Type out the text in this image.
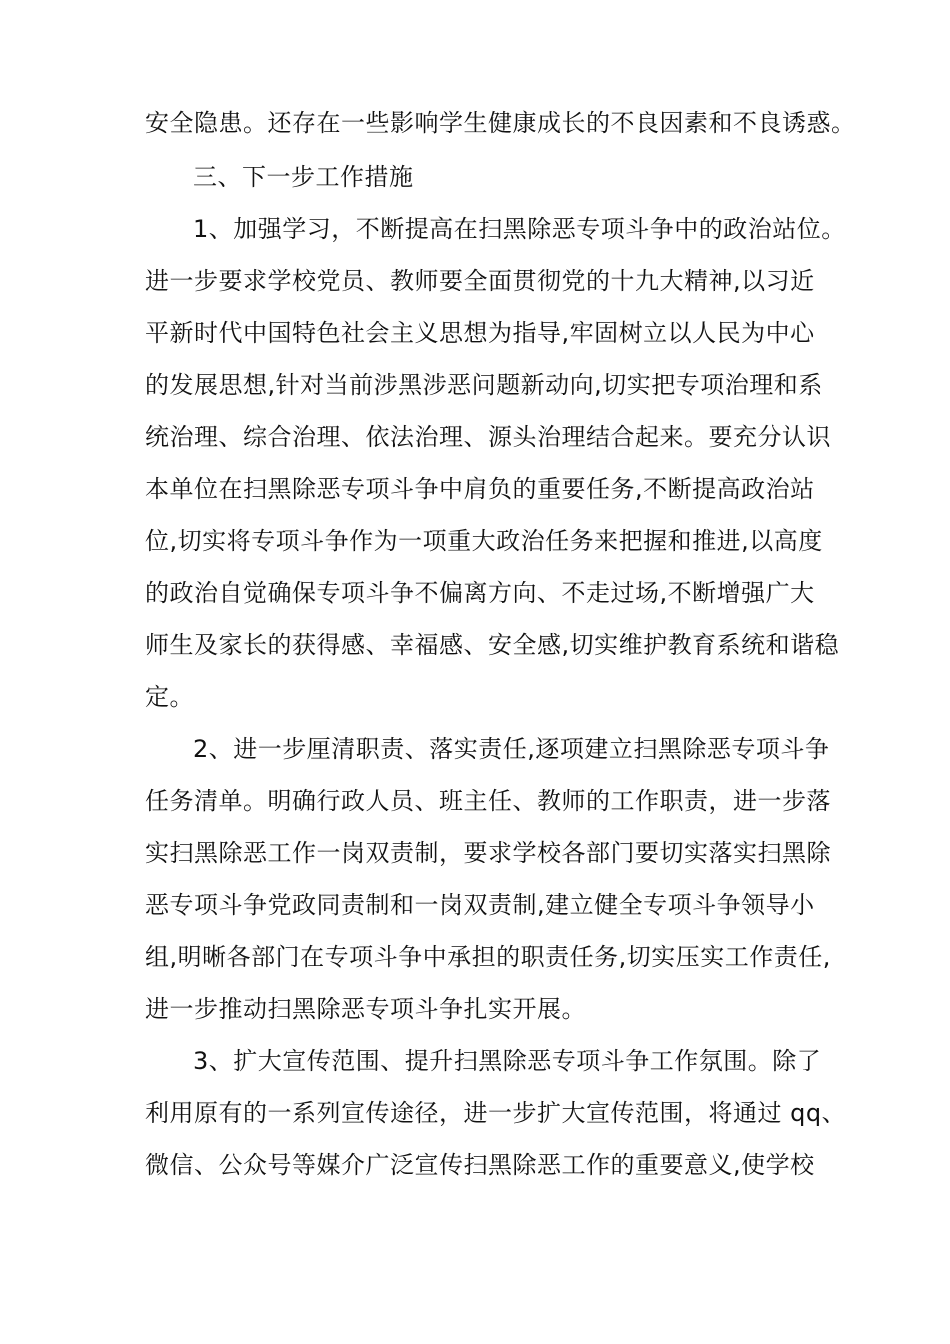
安全隐患。还存在一些影响学生健康成长的不良因素和不良诱惑。
三、下一步工作措施
1、加强学习，不断提高在扫黑除恶专项斗争中的政治站位。
进一步要求学校党员、教师要全面贯彻党的十九大精神,以习近
平新时代中国特色社会主义思想为指导,牢固树立以人民为中心
的发展思想,针对当前涉黑涉恶问题新动向,切实把专项治理和系
统治理、综合治理、依法治理、源头治理结合起来。要充分认识
本单位在扫黑除恶专项斗争中肩负的重要任务,不断提高政治站
位,切实将专项斗争作为一项重大政治任务来把握和推进,以高度
的政治自觉确保专项斗争不偏离方向、不走过场,不断增强广大
师生及家长的获得感、幸福感、安全感,切实维护教育系统和谐稳
定。
2、进一步厘清职责、落实责任,逐项建立扫黑除恶专项斗争
任务清单。明确行政人员、班主任、教师的工作职责，进一步落
实扫黑除恶工作一岗双责制，要求学校各部门要切实落实扫黑除
恶专项斗争党政同责制和一岗双责制,建立健全专项斗争领导小
组,明晰各部门在专项斗争中承担的职责任务,切实压实工作责任,
进一步推动扫黑除恶专项斗争扎实开展。
3、扩大宣传范围、提升扫黑除恶专项斗争工作氛围。除了
利用原有的一系列宣传途径，进一步扩大宣传范围，将通过 qq、
微信、公众号等媒介广泛宣传扫黑除恶工作的重要意义,使学校
